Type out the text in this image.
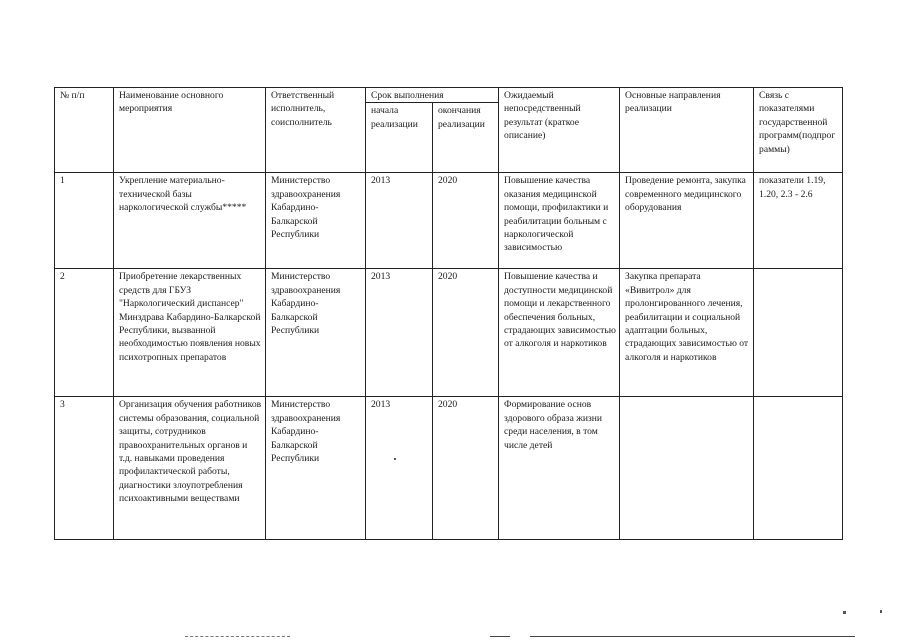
№ п/п	Наименование основного мероприятия	Ответственный исполнитель, соисполнитель	Срок выполнения		Ожидаемый непосредственный результат (краткое описание)	Основные направления реализации	Связь с показателями государственной программ(подпрограммы)
			начала реализации	окончания реализации			
1	Укрепление материально-технической базы наркологической службы*****	Министерство здравоохранения Кабардино-Балкарской Республики	2013	2020	Повышение качества оказания медицинской помощи, профилактики и реабилитации больным с наркологической зависимостью	Проведение ремонта, закупка современного медицинского оборудования	показатели 1.19, 1.20, 2.3 - 2.6
2	Приобретение лекарственных средств для ГБУЗ "Наркологический диспансер" Минздрава Кабардино-Балкарской Республики, вызванной необходимостью появления новых психотропных препаратов	Министерство здравоохранения Кабардино-Балкарской Республики	2013	2020	Повышение качества и доступности медицинской помощи и лекарственного обеспечения больных, страдающих зависимостью от алкоголя и наркотиков	Закупка препарата «Вивитрол» для пролонгированного лечения, реабилитации и социальной адаптации больных, страдающих зависимостью от алкоголя и наркотиков	
3	Организация обучения работников системы образования, социальной защиты, сотрудников правоохранительных органов и т.д. навыками проведения профилактической работы, диагностики злоупотребления психоактивными веществами	Министерство здравоохранения Кабардино-Балкарской Республики	2013	2020	Формирование основ здорового образа жизни среди населения, в том числе детей		
